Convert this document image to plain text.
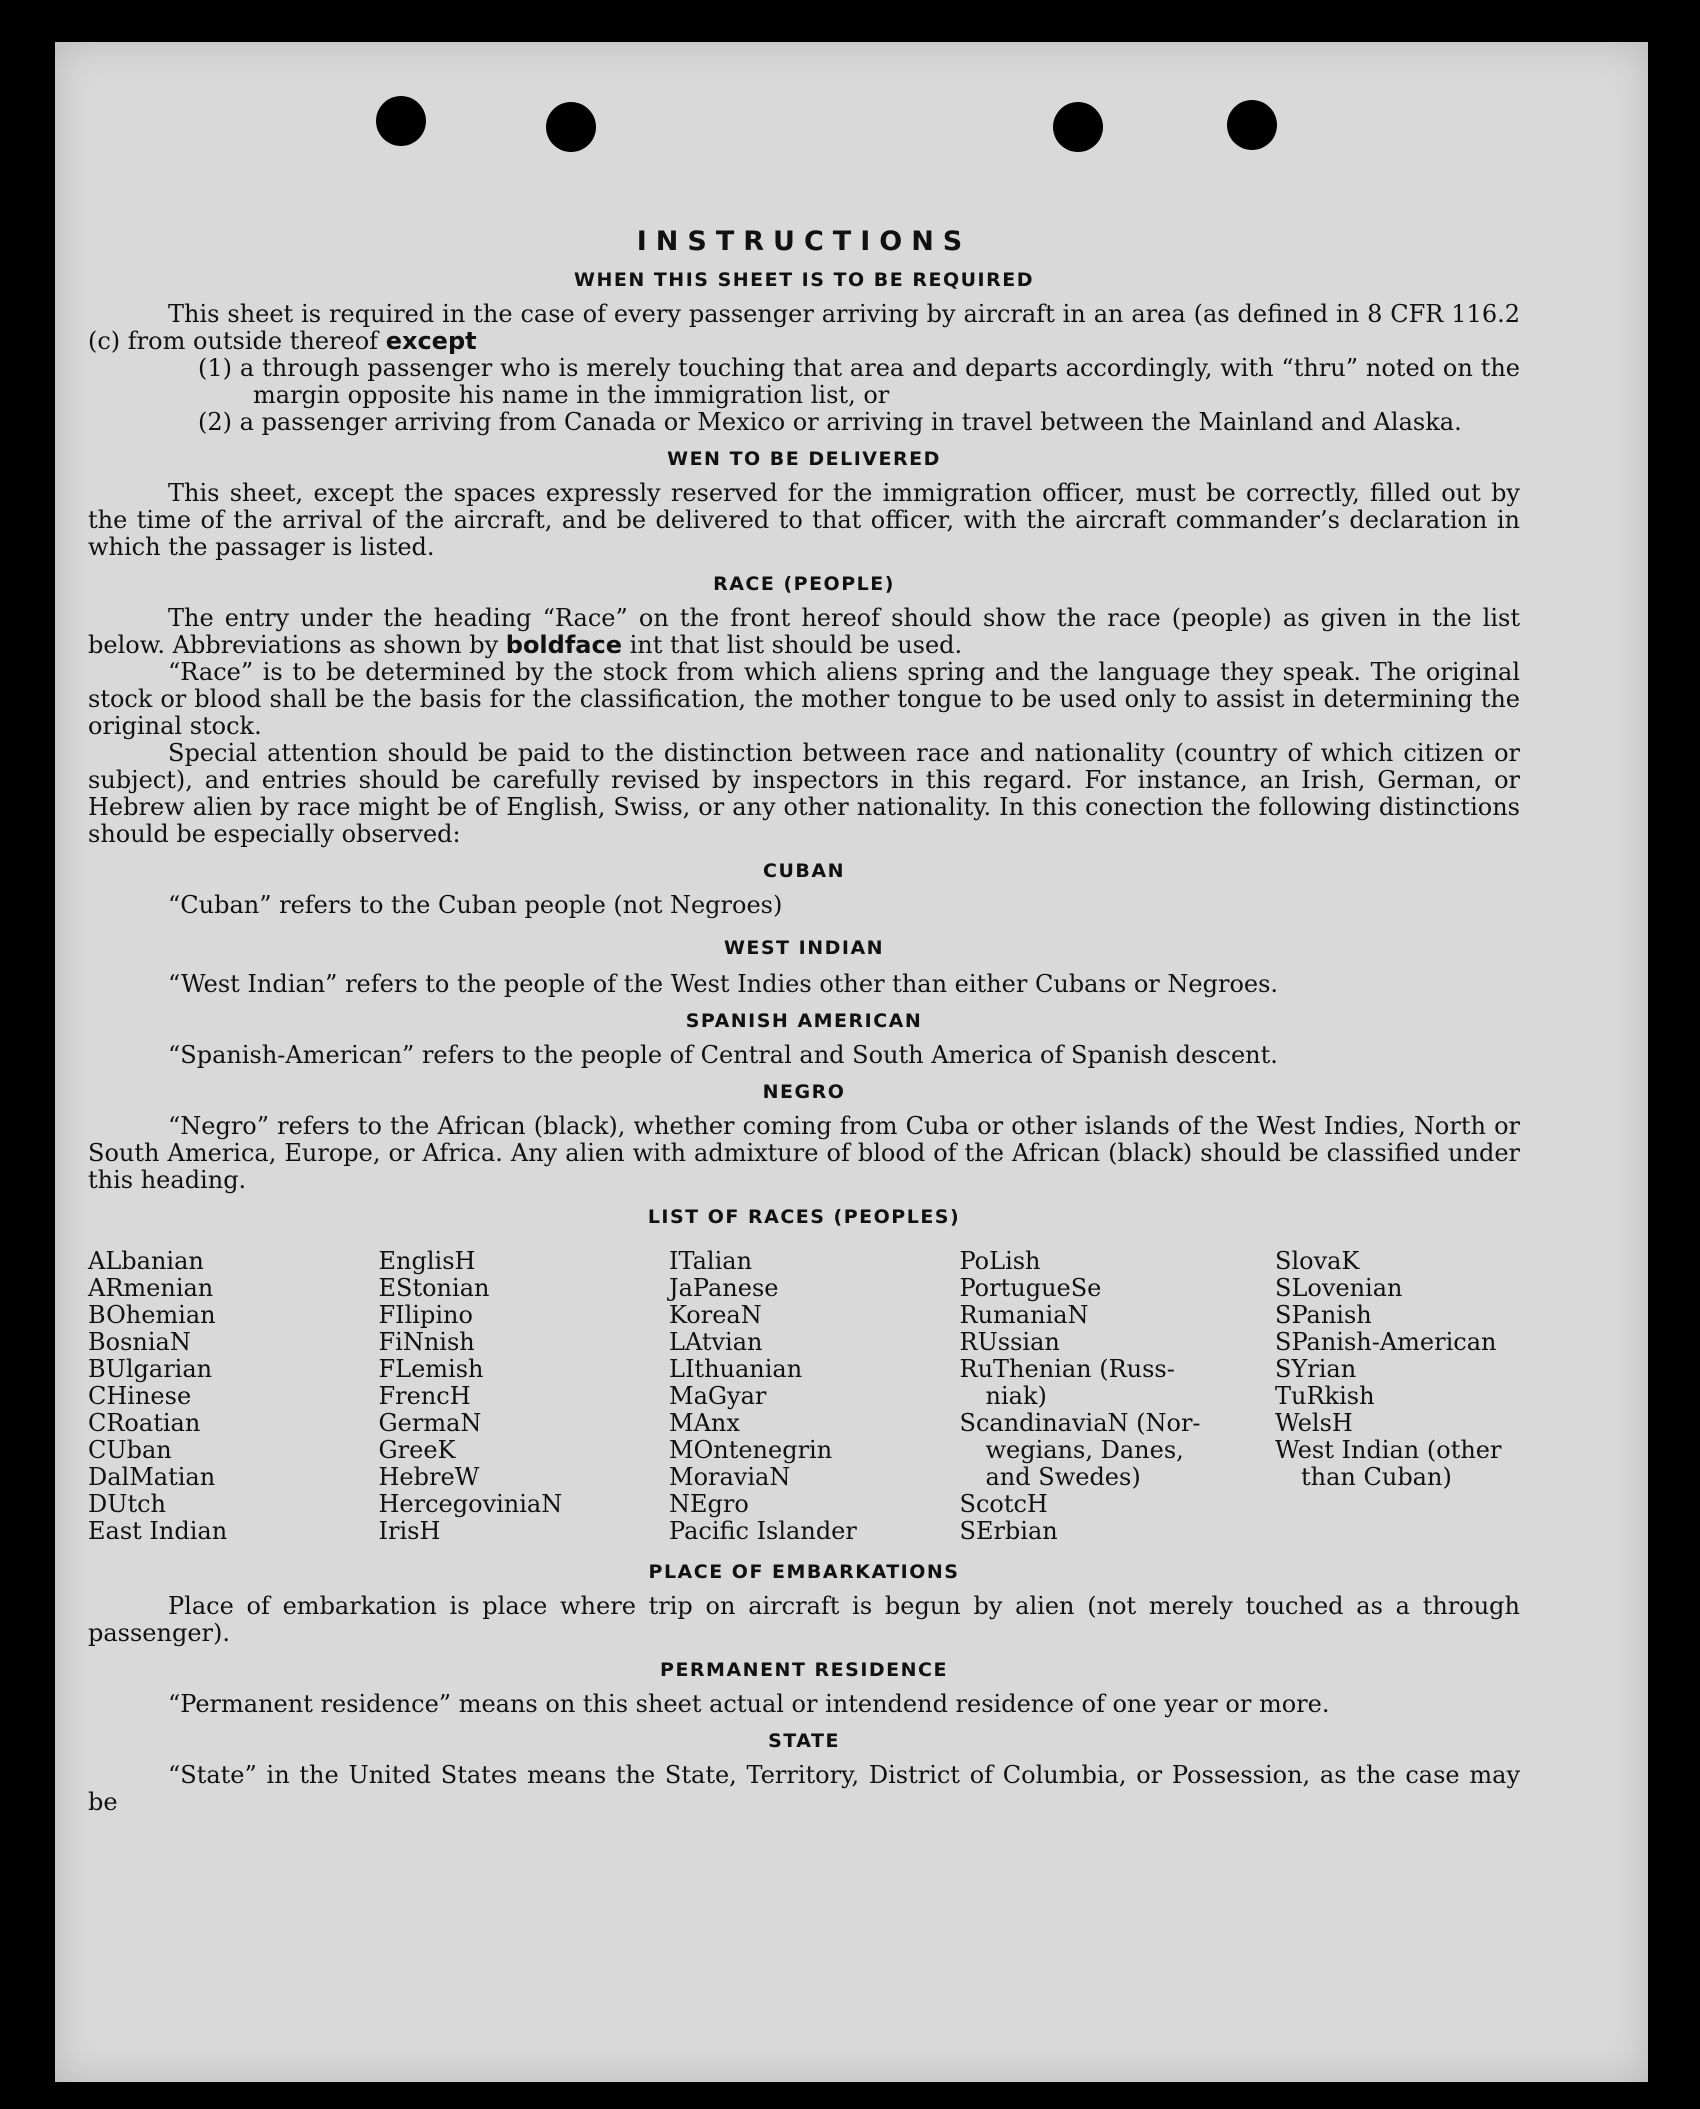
INSTRUCTIONS
WHEN THIS SHEET IS TO BE REQUIRED

This sheet is required in the case of every passenger arriving by aircraft in an area (as defined in 8 CFR 116.2 (c) from outside thereof except

(1) a through passenger who is merely touching that area and departs accordingly, with “thru” noted on the margin opposite his name in the immigration list, or

(2) a passenger arriving from Canada or Mexico or arriving in travel between the Mainland and Alaska.

WEN TO BE DELIVERED

This sheet, except the spaces expressly reserved for the immigration officer, must be correctly, filled out by the time of the arrival of the aircraft, and be delivered to that officer, with the aircraft commander’s declaration in which the passager is listed.

RACE (PEOPLE)

The entry under the heading “Race” on the front hereof should show the race (people) as given in the list below. Abbreviations as shown by boldface int that list should be used.

“Race” is to be determined by the stock from which aliens spring and the language they speak. The original stock or blood shall be the basis for the classification, the mother tongue to be used only to assist in determining the original stock.

Special attention should be paid to the distinction between race and nationality (country of which citizen or subject), and entries should be carefully revised by inspectors in this regard. For instance, an Irish, German, or Hebrew alien by race might be of English, Swiss, or any other nationality. In this conection the following distinctions should be especially observed:

CUBAN

“Cuban” refers to the Cuban people (not Negroes)

WEST INDIAN

“West Indian” refers to the people of the West Indies other than either Cubans or Negroes.

SPANISH AMERICAN

“Spanish-American” refers to the people of Central and South America of Spanish descent.

NEGRO

“Negro” refers to the African (black), whether coming from Cuba or other islands of the West Indies, North or South America, Europe, or Africa. Any alien with admixture of blood of the African (black) should be classified under this heading.

LIST OF RACES (PEOPLES)
ALbanian
ARmenian
BOhemian
BosniaN
BUlgarian
CHinese
CRoatian
CUban
DalMatian
DUtch
East Indian
EnglisH
EStonian
FIlipino
FiNnish
FLemish
FrencH
GermaN
GreeK
HebreW
HercegoviniaN
IrisH
ITalian
JaPanese
KoreaN
LAtvian
LIthuanian
MaGyar
MAnx
MOntenegrin
MoraviaN
NEgro
Pacific Islander
PoLish
PortugueSe
RumaniaN
RUssian
RuThenian (Russ-
niak)
ScandinaviaN (Nor-
wegians, Danes,
and Swedes)
ScotcH
SErbian
SlovaK
SLovenian
SPanish
SPanish-American
SYrian
TuRkish
WelsH
West Indian (other
than Cuban)
PLACE OF EMBARKATIONS

Place of embarkation is place where trip on aircraft is begun by alien (not merely touched as a through passenger).

PERMANENT RESIDENCE

“Permanent residence” means on this sheet actual or intendend residence of one year or more.

STATE

“State” in the United States means the State, Territory, District of Columbia, or Possession, as the case may be
